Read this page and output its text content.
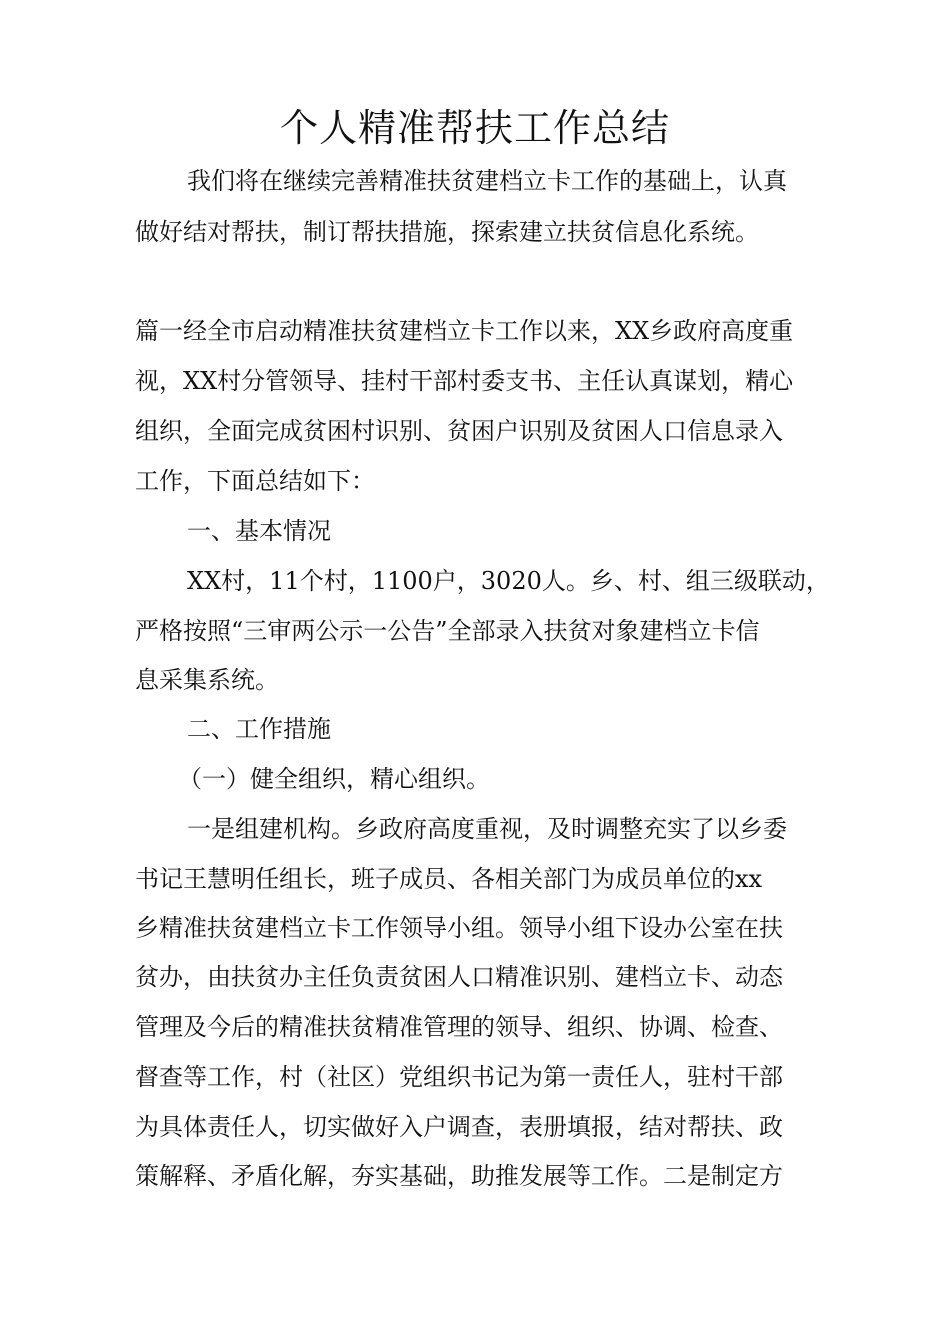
个人精准帮扶工作总结

我们将在继续完善精准扶贫建档立卡工作的基础上，认真

做好结对帮扶，制订帮扶措施，探索建立扶贫信息化系统。

篇一经全市启动精准扶贫建档立卡工作以来，XX乡政府高度重

视，XX村分管领导、挂村干部村委支书、主任认真谋划，精心

组织，全面完成贫困村识别、贫困户识别及贫困人口信息录入

工作，下面总结如下：

一、基本情况

XX村，11个村，1100户，3020人。乡、村、组三级联动，

严格按照“三审两公示一公告”全部录入扶贫对象建档立卡信

息采集系统。

二、工作措施

（一）健全组织，精心组织。

一是组建机构。乡政府高度重视，及时调整充实了以乡委

书记王慧明任组长，班子成员、各相关部门为成员单位的xx

乡精准扶贫建档立卡工作领导小组。领导小组下设办公室在扶

贫办，由扶贫办主任负责贫困人口精准识别、建档立卡、动态

管理及今后的精准扶贫精准管理的领导、组织、协调、检查、

督查等工作，村（社区）党组织书记为第一责任人，驻村干部

为具体责任人，切实做好入户调查，表册填报，结对帮扶、政

策解释、矛盾化解，夯实基础，助推发展等工作。二是制定方
